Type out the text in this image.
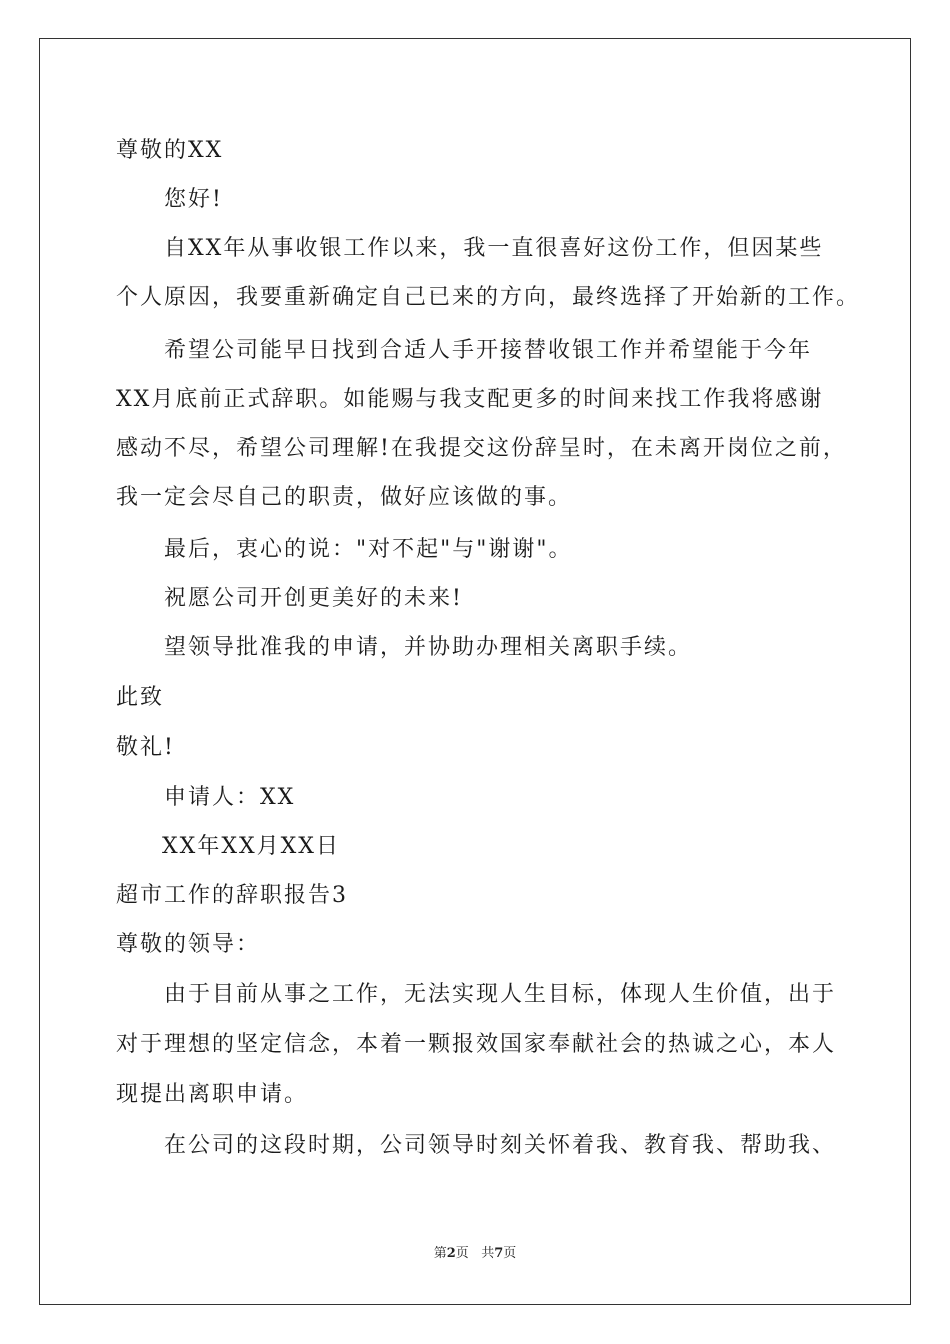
尊敬的XX
您好!
自XX年从事收银工作以来，我一直很喜好这份工作，但因某些
个人原因，我要重新确定自己已来的方向，最终选择了开始新的工作。
希望公司能早日找到合适人手开接替收银工作并希望能于今年
XX月底前正式辞职。如能赐与我支配更多的时间来找工作我将感谢
感动不尽，希望公司理解!在我提交这份辞呈时，在未离开岗位之前，
我一定会尽自己的职责，做好应该做的事。
最后，衷心的说："对不起"与"谢谢"。
祝愿公司开创更美好的未来!
望领导批准我的申请，并协助办理相关离职手续。
此致
敬礼!
申请人：XX
XX年XX月XX日
超市工作的辞职报告3
尊敬的领导：
由于目前从事之工作，无法实现人生目标，体现人生价值，出于
对于理想的坚定信念，本着一颗报效国家奉献社会的热诚之心，本人
现提出离职申请。
在公司的这段时期，公司领导时刻关怀着我、教育我、帮助我、
第2页 共7页
